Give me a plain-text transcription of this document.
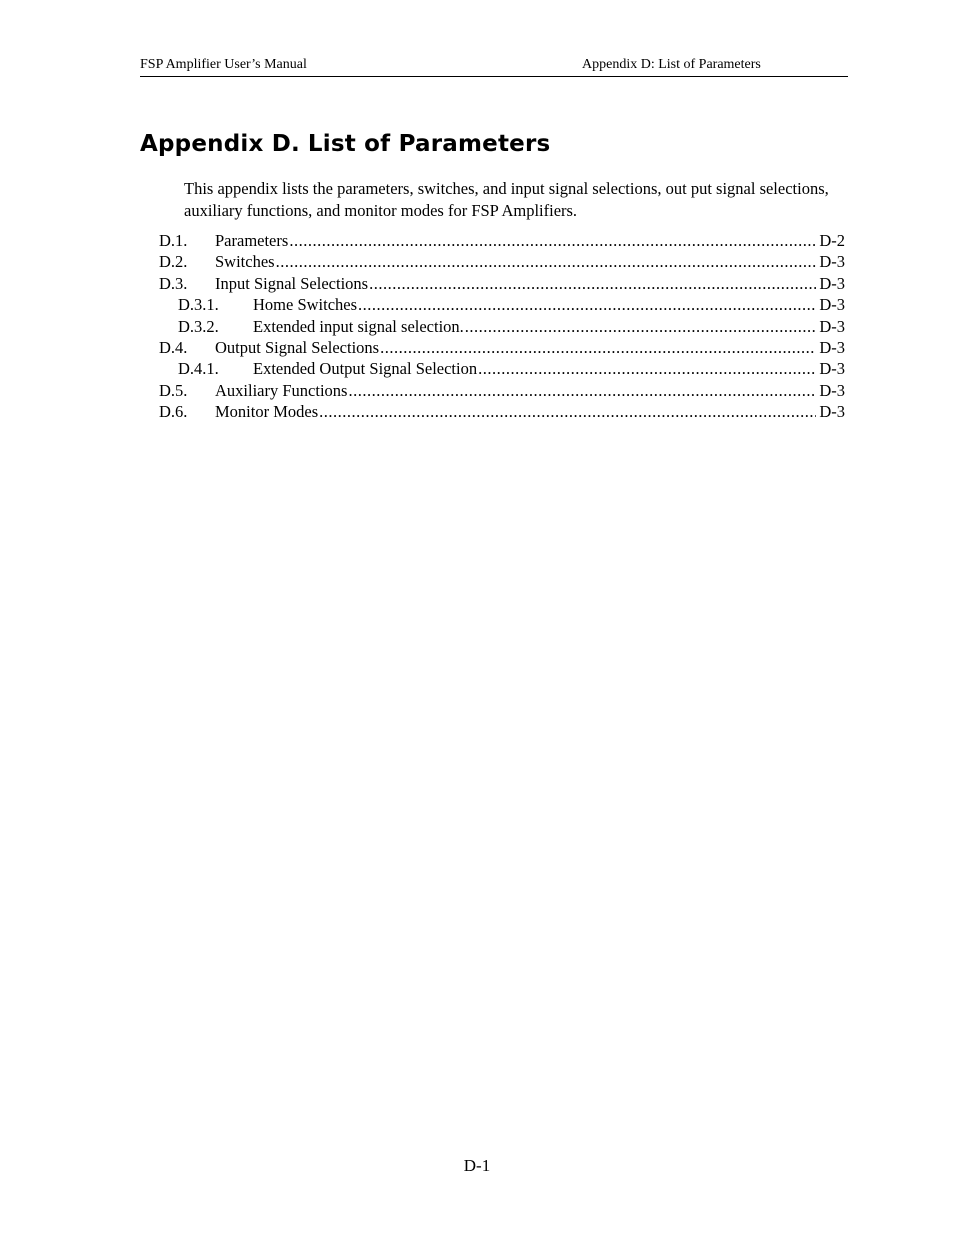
FSP Amplifier User’s Manual	Appendix D: List of Parameters
Appendix D. List of Parameters

This appendix lists the parameters, switches, and input signal selections, out put signal selections, auxiliary functions, and monitor modes for FSP Amplifiers.

D.1. Parameters .....	D-2
D.2. Switches .....	D-3
D.3. Input Signal Selections .....	D-3
D.3.1. Home Switches .....	D-3
D.3.2. Extended input signal selection. .....	D-3
D.4. Output Signal Selections .....	D-3
D.4.1. Extended Output Signal Selection .....	D-3
D.5. Auxiliary Functions .....	D-3
D.6. Monitor Modes .....	D-3
D-1
